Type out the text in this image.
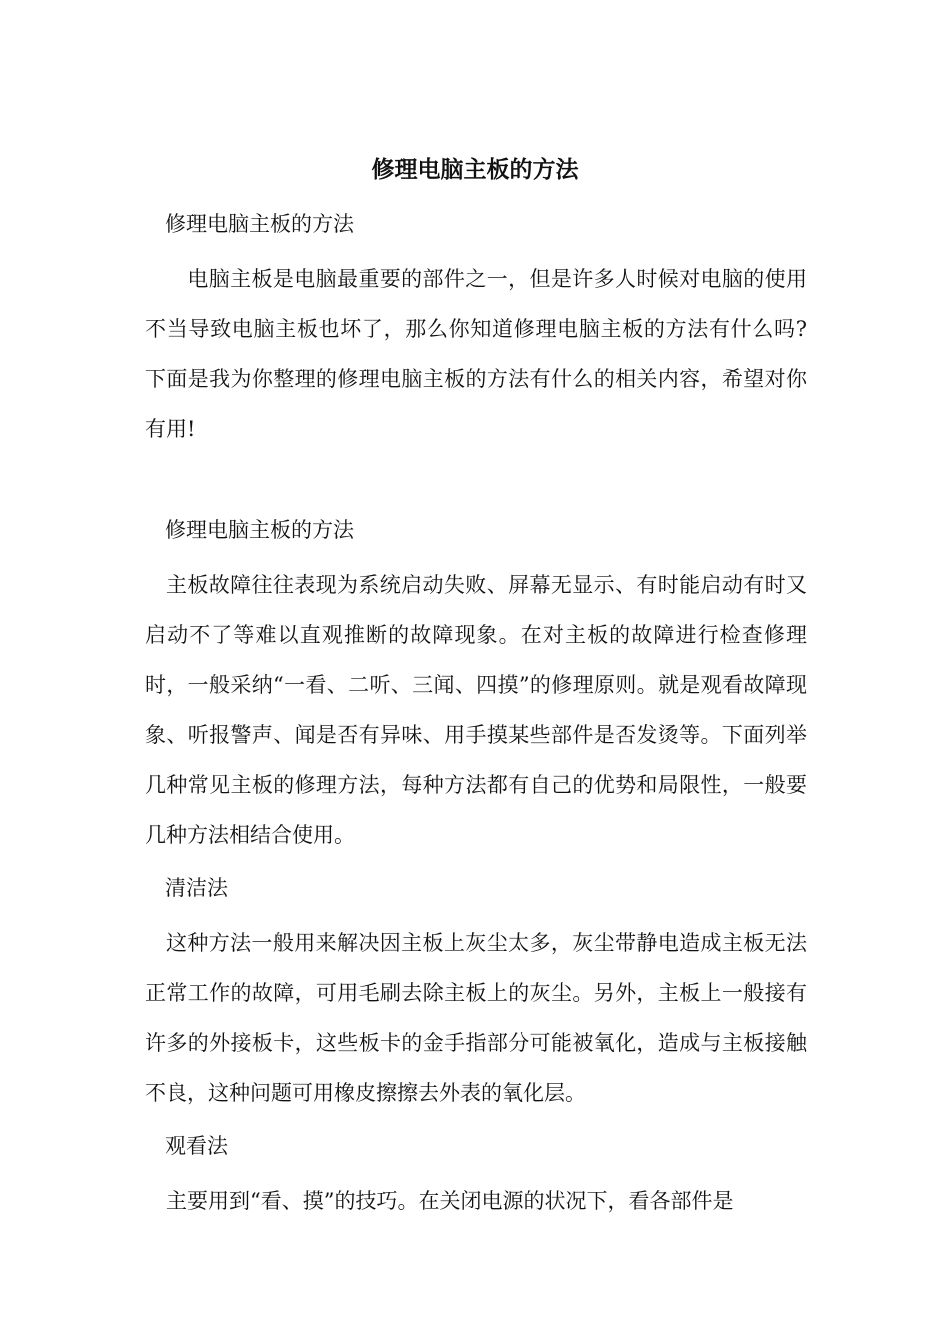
修理电脑主板的方法

修理电脑主板的方法

　电脑主板是电脑最重要的部件之一，但是许多人时候对电脑的使用不当导致电脑主板也坏了，那么你知道修理电脑主板的方法有什么吗?下面是我为你整理的修理电脑主板的方法有什么的相关内容，希望对你有用!

修理电脑主板的方法

主板故障往往表现为系统启动失败、屏幕无显示、有时能启动有时又启动不了等难以直观推断的故障现象。在对主板的故障进行检查修理时，一般采纳“一看、二听、三闻、四摸”的修理原则。就是观看故障现象、听报警声、闻是否有异味、用手摸某些部件是否发烫等。下面列举几种常见主板的修理方法，每种方法都有自己的优势和局限性，一般要几种方法相结合使用。

清洁法

这种方法一般用来解决因主板上灰尘太多，灰尘带静电造成主板无法正常工作的故障，可用毛刷去除主板上的灰尘。另外，主板上一般接有许多的外接板卡，这些板卡的金手指部分可能被氧化，造成与主板接触不良，这种问题可用橡皮擦擦去外表的氧化层。

观看法

主要用到“看、摸”的技巧。在关闭电源的状况下，看各部件是
